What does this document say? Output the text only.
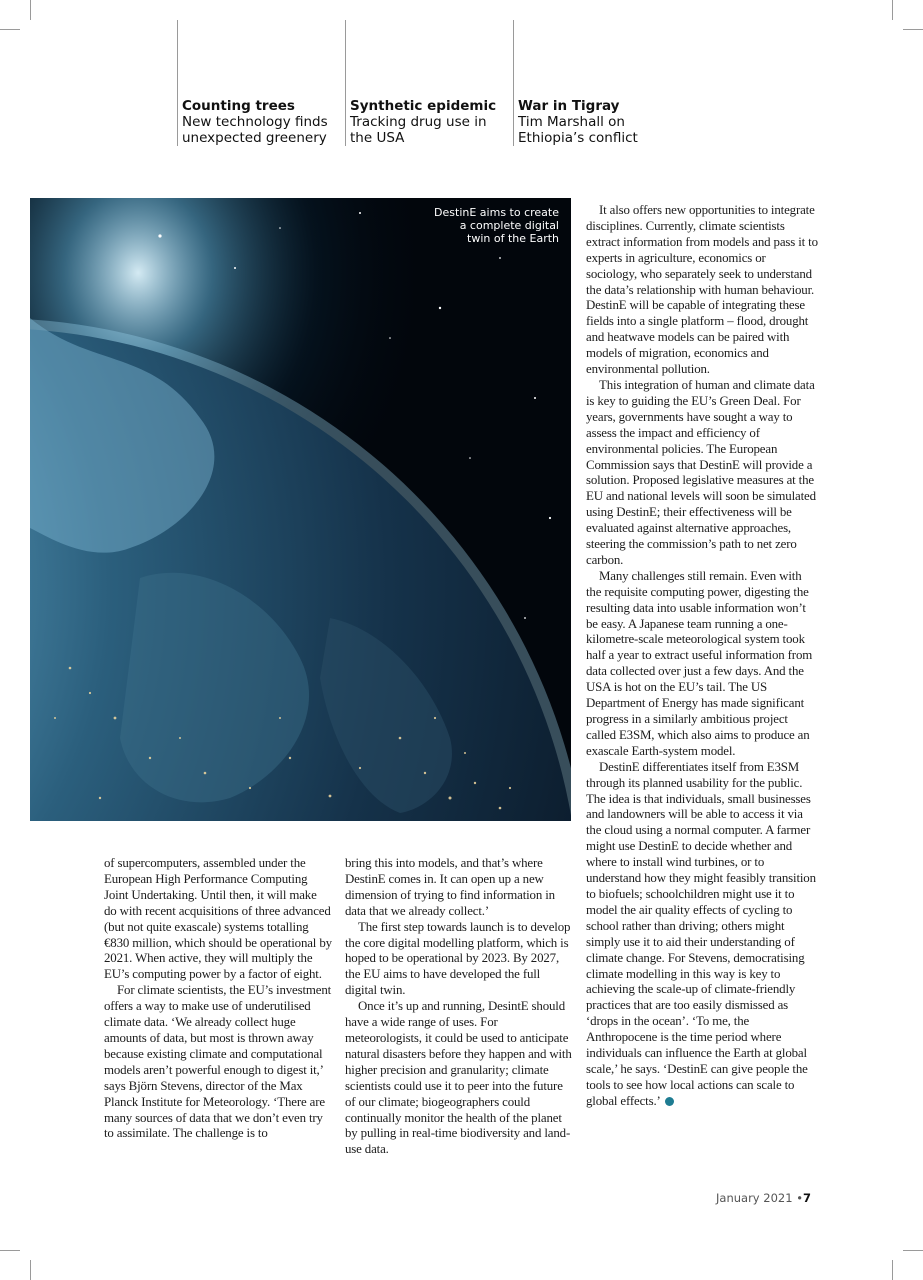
Counting trees
New technology finds
unexpected greenery
Synthetic epidemic
Tracking drug use in
the USA
War in Tigray
Tim Marshall on
Ethiopia’s conflict
DestinE aims to create
a complete digital
twin of the Earth

of supercomputers, assembled under the European High Performance Computing Joint Undertaking. Until then, it will make do with recent acquisitions of three advanced (but not quite exascale) systems totalling €830 million, which should be operational by 2021. When active, they will multiply the EU’s computing power by a factor of eight.

For climate scientists, the EU’s investment offers a way to make use of underutilised climate data. ‘We already collect huge amounts of data, but most is thrown away because existing climate and computational models aren’t powerful enough to digest it,’ says Björn Stevens, director of the Max Planck Institute for Meteorology. ‘There are many sources of data that we don’t even try to assimilate. The challenge is to

bring this into models, and that’s where DestinE comes in. It can open up a new dimension of trying to find information in data that we already collect.’

The first step towards launch is to develop the core digital modelling platform, which is hoped to be operational by 2023. By 2027, the EU aims to have developed the full digital twin.

Once it’s up and running, DesintE should have a wide range of uses. For meteorologists, it could be used to anticipate natural disasters before they happen and with higher precision and granularity; climate scientists could use it to peer into the future of our climate; biogeographers could continually monitor the health of the planet by pulling in real-time biodiversity and land-use data.

It also offers new opportunities to integrate disciplines. Currently, climate scientists extract information from models and pass it to experts in agriculture, economics or sociology, who separately seek to understand the data’s relationship with human behaviour. DestinE will be capable of integrating these fields into a single platform – flood, drought and heatwave models can be paired with models of migration, economics and environmental pollution.

This integration of human and climate data is key to guiding the EU’s Green Deal. For years, governments have sought a way to assess the impact and efficiency of environmental policies. The European Commission says that DestinE will provide a solution. Proposed legislative measures at the EU and national levels will soon be simulated using DestinE; their effectiveness will be evaluated against alternative approaches, steering the commission’s path to net zero carbon.

Many challenges still remain. Even with the requisite computing power, digesting the resulting data into usable information won’t be easy. A Japanese team running a one-kilometre-scale meteorological system took half a year to extract useful information from data collected over just a few days. And the USA is hot on the EU’s tail. The US Department of Energy has made significant progress in a similarly ambitious project called E3SM, which also aims to produce an exascale Earth-system model.

DestinE differentiates itself from E3SM through its planned usability for the public. The idea is that individuals, small businesses and landowners will be able to access it via the cloud using a normal computer. A farmer might use DestinE to decide whether and where to install wind turbines, or to understand how they might feasibly transition to biofuels; schoolchildren might use it to model the air quality effects of cycling to school rather than driving; others might simply use it to aid their understanding of climate change. For Stevens, democratising climate modelling in this way is key to achieving the scale-up of climate-friendly practices that are too easily dismissed as ‘drops in the ocean’. ‘To me, the Anthropocene is the time period where individuals can influence the Earth at global scale,’ he says. ‘DestinE can give people the tools to see how local actions can scale to global effects.’

January 2021 •7
